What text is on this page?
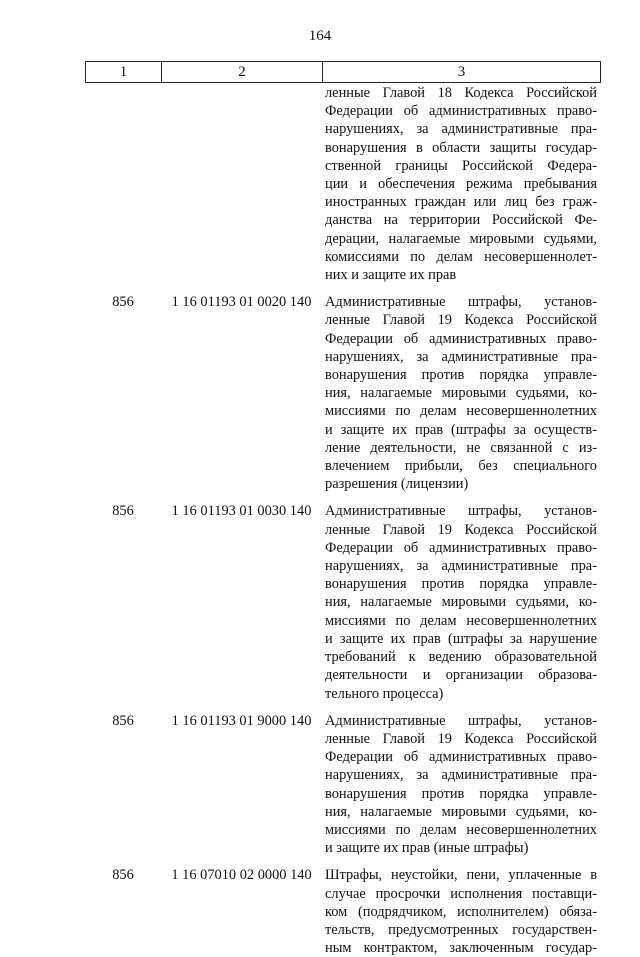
164
1	2	3
ленные Главой 18 Кодекса Российской
Федерации об административных право-
нарушениях, за административные пра-
вонарушения в области защиты государ-
ственной границы Российской Федера-
ции и обеспечения режима пребывания
иностранных граждан или лиц без граж-
данства на территории Российской Фе-
дерации, налагаемые мировыми судьями,
комиссиями по делам несовершеннолет-
них и защите их прав
856	1 16 01193 01 0020 140 Административные штрафы, установ-
ленные Главой 19 Кодекса Российской
Федерации об административных право-
нарушениях, за административные пра-
вонарушения против порядка управле-
ния, налагаемые мировыми судьями, ко-
миссиями по делам несовершеннолетних
и защите их прав (штрафы за осуществ-
ление деятельности, не связанной с из-
влечением прибыли, без специального
разрешения (лицензии)
856	1 16 01193 01 0030 140 Административные штрафы, установ-
ленные Главой 19 Кодекса Российской
Федерации об административных право-
нарушениях, за административные пра-
вонарушения против порядка управле-
ния, налагаемые мировыми судьями, ко-
миссиями по делам несовершеннолетних
и защите их прав (штрафы за нарушение
требований к ведению образовательной
деятельности и организации образова-
тельного процесса)
856	1 16 01193 01 9000 140 Административные штрафы, установ-
ленные Главой 19 Кодекса Российской
Федерации об административных право-
нарушениях, за административные пра-
вонарушения против порядка управле-
ния, налагаемые мировыми судьями, ко-
миссиями по делам несовершеннолетних
и защите их прав (иные штрафы)
856	1 16 07010 02 0000 140 Штрафы, неустойки, пени, уплаченные в
случае просрочки исполнения поставщи-
ком (подрядчиком, исполнителем) обяза-
тельств, предусмотренных государствен-
ным контрактом, заключенным государ-
